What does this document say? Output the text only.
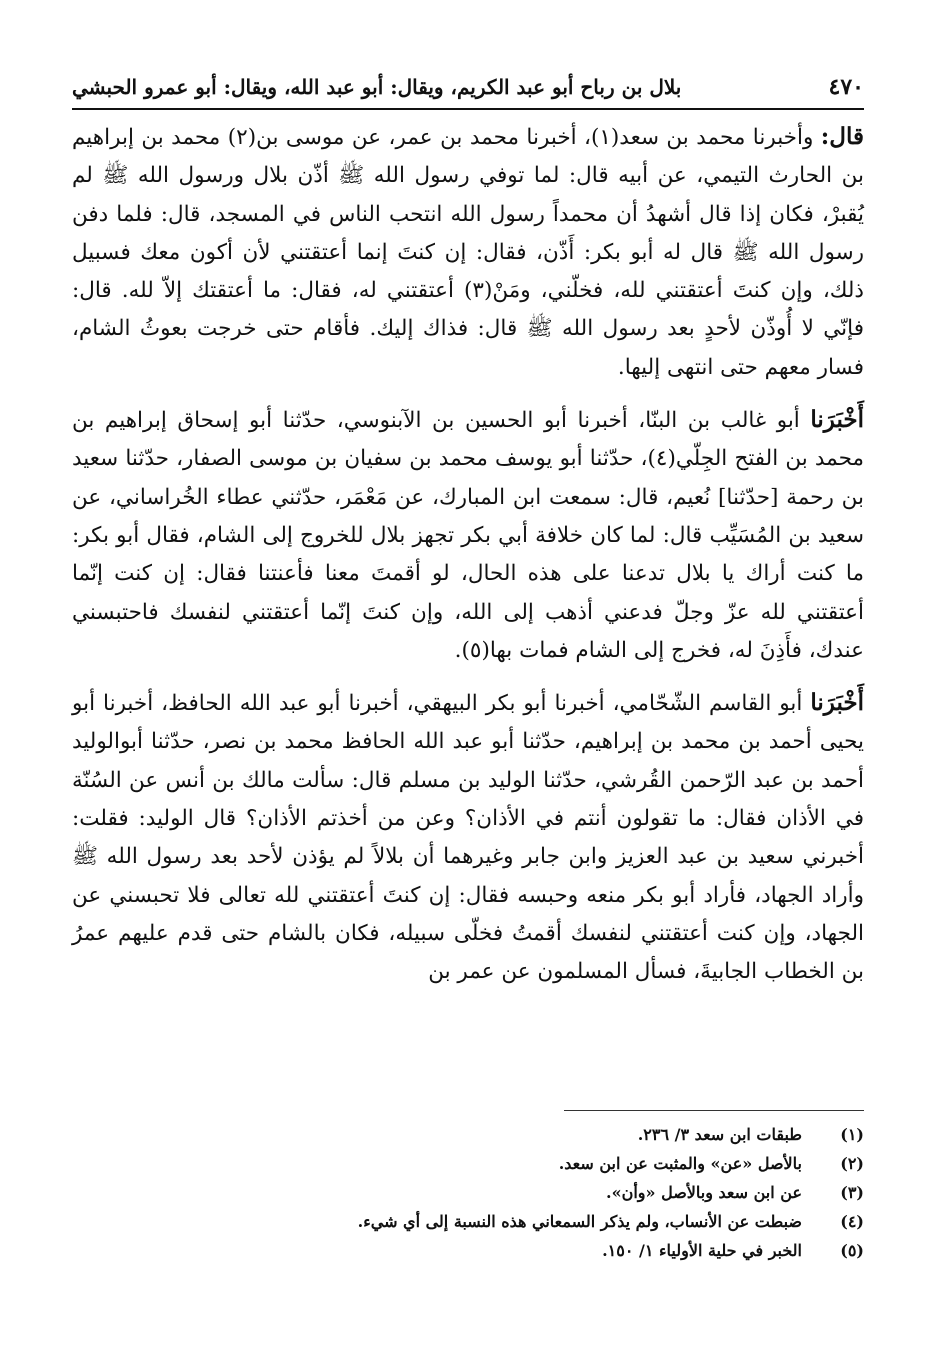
٤٧٠
بلال بن رباح أبو عبد الكريم، ويقال: أبو عبد الله، ويقال: أبو عمرو الحبشي

قال: وأخبرنا محمد بن سعد(١)، أخبرنا محمد بن عمر، عن موسى بن(٢) محمد بن إبراهيم بن الحارث التيمي، عن أبيه قال: لما توفي رسول الله ﷺ أذّن بلال ورسول الله ﷺ لم يُقبرْ، فكان إذا قال أشهدُ أن محمداً رسول الله انتحب الناس في المسجد، قال: فلما دفن رسول الله ﷺ قال له أبو بكر: أَذّن، فقال: إن كنتَ إنما أعتقتني لأن أكون معك فسبيل ذلك، وإن كنتَ أعتقتني لله، فخلّني، ومَنْ(٣) أعتقتني له، فقال: ما أعتقتك إلاّ لله. قال: فإنّي لا أُوذّن لأحدٍ بعد رسول الله ﷺ قال: فذاك إليك. فأقام حتى خرجت بعوثُ الشام، فسار معهم حتى انتهى إليها.

أَخْبَرَنا أبو غالب بن البنّا، أخبرنا أبو الحسين بن الآبنوسي، حدّثنا أبو إسحاق إبراهيم بن محمد بن الفتح الجِلّي(٤)، حدّثنا أبو يوسف محمد بن سفيان بن موسى الصفار، حدّثنا سعيد بن رحمة [حدّثنا] نُعيم، قال: سمعت ابن المبارك، عن مَعْمَر، حدّثني عطاء الخُراساني، عن سعيد بن المُسَيِّب قال: لما كان خلافة أبي بكر تجهز بلال للخروج إلى الشام، فقال أبو بكر: ما كنت أراك يا بلال تدعنا على هذه الحال، لو أقمتَ معنا فأعنتنا فقال: إن كنت إنّما أعتقتني لله عزّ وجلّ فدعني أذهب إلى الله، وإن كنتَ إنّما أعتقتني لنفسك فاحتبسني عندك، فأَذِنَ له، فخرج إلى الشام فمات بها(٥).

أَخْبَرَنا أبو القاسم الشّحّامي، أخبرنا أبو بكر البيهقي، أخبرنا أبو عبد الله الحافظ، أخبرنا أبو يحيى أحمد بن محمد بن إبراهيم، حدّثنا أبو عبد الله الحافظ محمد بن نصر، حدّثنا أبوالوليد أحمد بن عبد الرّحمن القُرشي، حدّثنا الوليد بن مسلم قال: سألت مالك بن أنس عن السُنّة في الأذان فقال: ما تقولون أنتم في الأذان؟ وعن من أخذتم الأذان؟ قال الوليد: فقلت: أخبرني سعيد بن عبد العزيز وابن جابر وغيرهما أن بلالاً لم يؤذن لأحد بعد رسول الله ﷺ وأراد الجهاد، فأراد أبو بكر منعه وحبسه فقال: إن كنتَ أعتقتني لله تعالى فلا تحبسني عن الجهاد، وإن كنت أعتقتني لنفسك أقمتُ فخلّى سبيله، فكان بالشام حتى قدم عليهم عمرُ بن الخطاب الجابيةَ، فسأل المسلمون عن عمر بن

(١)
طبقات ابن سعد ٣/ ٢٣٦.
(٢)
بالأصل «عن» والمثبت عن ابن سعد.
(٣)
عن ابن سعد وبالأصل «وأن».
(٤)
ضبطت عن الأنساب، ولم يذكر السمعاني هذه النسبة إلى أي شيء.
(٥)
الخبر في حلية الأولياء ١/ ١٥٠.
